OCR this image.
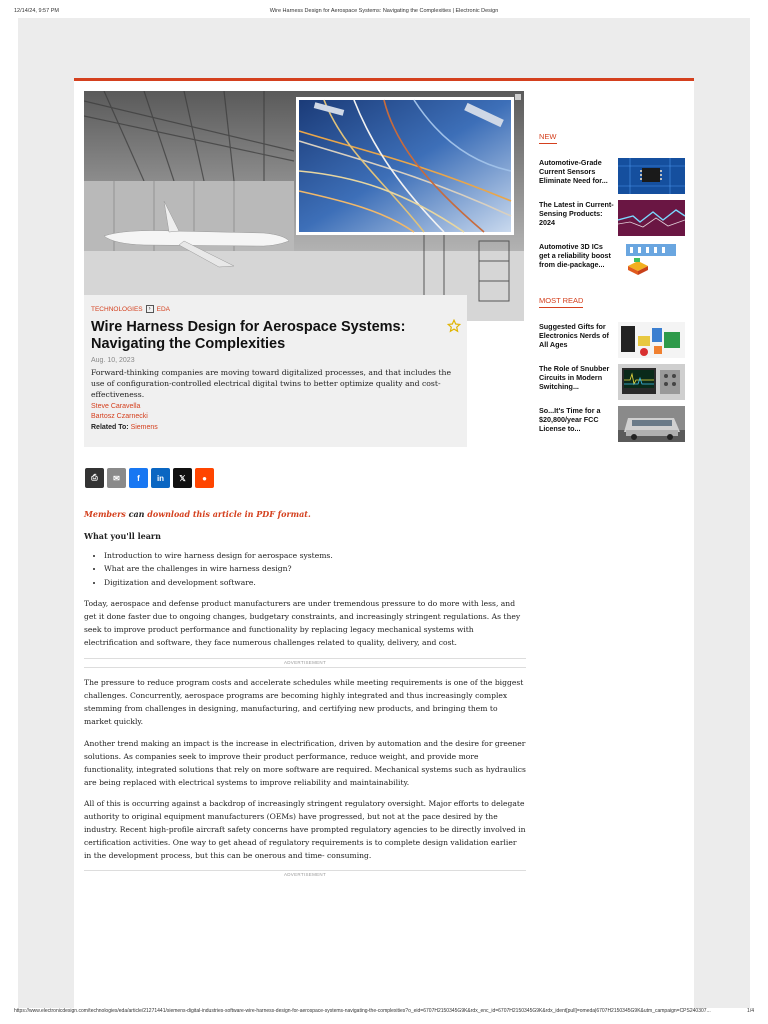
12/14/24, 9:57 PM	Wire Harness Design for Aerospace Systems: Navigating the Complexities | Electronic Design
TECHNOLOGIES	› EDA
Wire Harness Design for Aerospace Systems: Navigating the Complexities
Aug. 10, 2023

Forward-thinking companies are moving toward digitalized processes, and that includes the use of configuration-controlled electrical digital twins to better optimize quality and cost-effectiveness.

Steve Caravella
Bartosz Czarnecki
Related To: Siemens
⎙	✉	f	in	𝕏	●

Members can download this article in PDF format.

What you'll learn
• Introduction to wire harness design for aerospace systems.
• What are the challenges in wire harness design?
• Digitization and development software.

Today, aerospace and defense product manufacturers are under tremendous pressure to do more with less, and get it done faster due to ongoing changes, budgetary constraints, and increasingly stringent regulations. As they seek to improve product performance and functionality by replacing legacy mechanical systems with electrification and software, they face numerous challenges related to quality, delivery, and cost.

ADVERTISEMENT

The pressure to reduce program costs and accelerate schedules while meeting requirements is one of the biggest challenges. Concurrently, aerospace programs are becoming highly integrated and thus increasingly complex stemming from challenges in designing, manufacturing, and certifying new products, and bringing them to market quickly.

Another trend making an impact is the increase in electrification, driven by automation and the desire for greener solutions. As companies seek to improve their product performance, reduce weight, and provide more functionality, integrated solutions that rely on more software are required. Mechanical systems such as hydraulics are being replaced with electrical systems to improve reliability and maintainability.

All of this is occurring against a backdrop of increasingly stringent regulatory oversight. Major efforts to delegate authority to original equipment manufacturers (OEMs) have progressed, but not at the pace desired by the industry. Recent high-profile aircraft safety concerns have prompted regulatory agencies to be directly involved in certification activities. One way to get ahead of regulatory requirements is to complete design validation earlier in the development process, but this can be onerous and time- consuming.

ADVERTISEMENT
NEW
Automotive-Grade Current Sensors Eliminate Need for...
The Latest in Current-Sensing Products: 2024
Automotive 3D ICs get a reliability boost from die-package...
MOST READ
Suggested Gifts for Electronics Nerds of All Ages
The Role of Snubber Circuits in Modern Switching...
So...It's Time for a $20,800/year FCC License to...
https://www.electronicdesign.com/technologies/eda/article/21271441/siemens-digital-industries-software-wire-harness-design-for-aerospace-systems-navigating-the-complexities?o_eid=6707H2150345G9K&rdx_enc_id=6707H2150345G9K&rdx_ident[pull]=omeda|6707H2150345G9K&utm_campaign=CPS240307...	1/4
